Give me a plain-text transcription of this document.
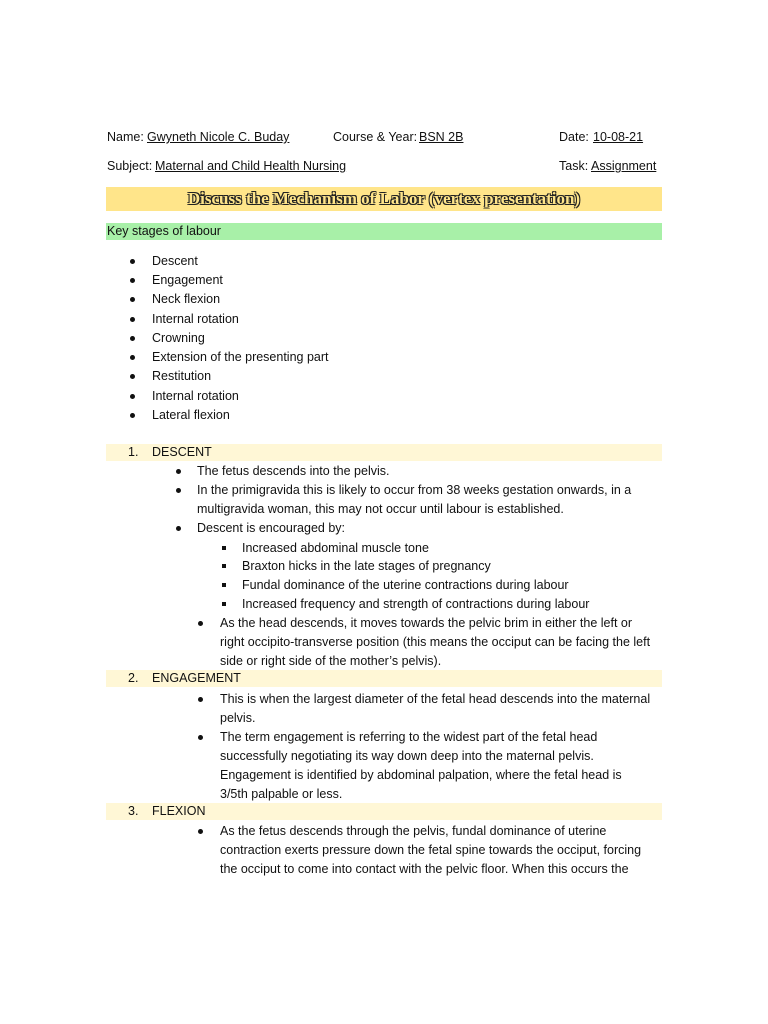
Name: Gwyneth Nicole C. Buday	Course & Year: BSN 2B	Date: 10-08-21
Subject: Maternal and Child Health Nursing	Task: Assignment
Discuss the Mechanism of Labor (vertex presentation)
Key stages of labour
Descent
Engagement
Neck flexion
Internal rotation
Crowning
Extension of the presenting part
Restitution
Internal rotation
Lateral flexion
1. DESCENT
The fetus descends into the pelvis.
In the primigravida this is likely to occur from 38 weeks gestation onwards, in a
multigravida woman, this may not occur until labour is established.
Descent is encouraged by:
Increased abdominal muscle tone
Braxton hicks in the late stages of pregnancy
Fundal dominance of the uterine contractions during labour
Increased frequency and strength of contractions during labour
As the head descends, it moves towards the pelvic brim in either the left or
right occipito-transverse position (this means the occiput can be facing the left
side or right side of the mother’s pelvis).
2. ENGAGEMENT
This is when the largest diameter of the fetal head descends into the maternal
pelvis.
The term engagement is referring to the widest part of the fetal head
successfully negotiating its way down deep into the maternal pelvis.
Engagement is identified by abdominal palpation, where the fetal head is
3/5th palpable or less.
3. FLEXION
As the fetus descends through the pelvis, fundal dominance of uterine
contraction exerts pressure down the fetal spine towards the occiput, forcing
the occiput to come into contact with the pelvic floor. When this occurs the
